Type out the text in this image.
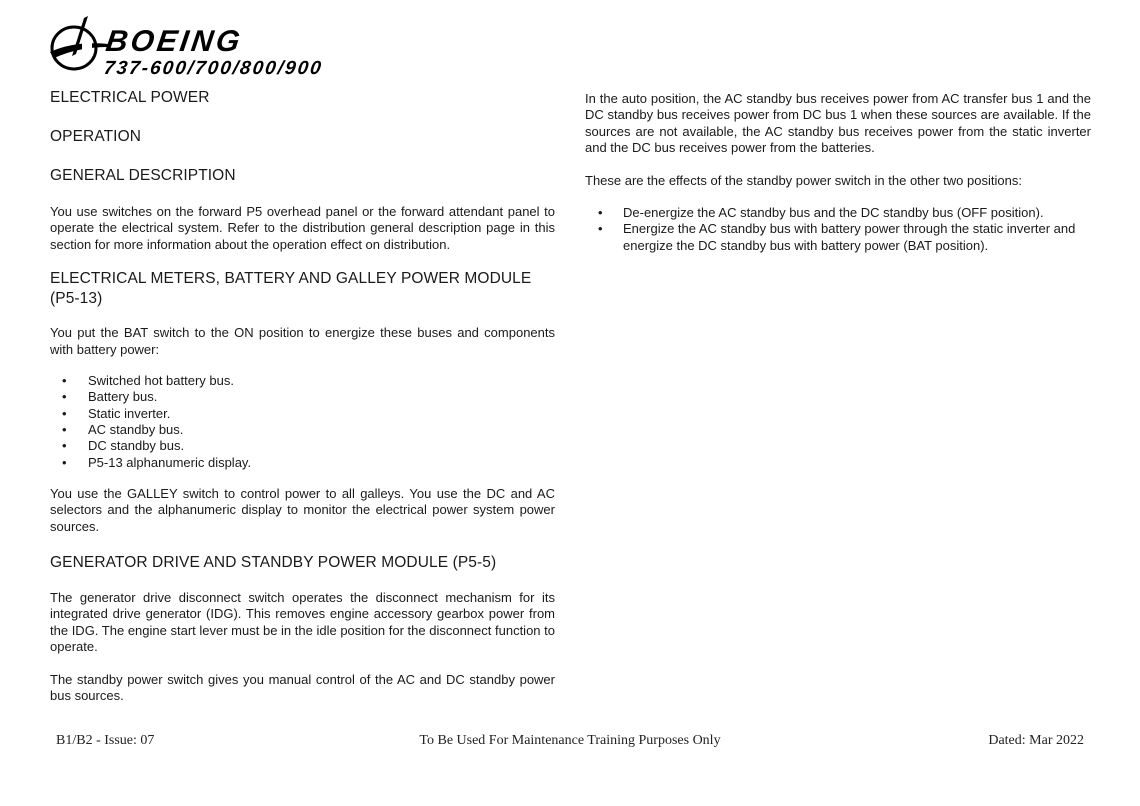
BOEING
737-600/700/800/900
ELECTRICAL POWER
OPERATION
GENERAL DESCRIPTION

You use switches on the forward P5 overhead panel or the forward attendant panel to operate the electrical system. Refer to the distribution general description page in this section for more information about the operation effect on distribution.

ELECTRICAL METERS, BATTERY AND GALLEY POWER MODULE (P5-13)

You put the BAT switch to the ON position to energize these buses and components with battery power:

• Switched hot battery bus.
• Battery bus.
• Static inverter.
• AC standby bus.
• DC standby bus.
• P5-13 alphanumeric display.

You use the GALLEY switch to control power to all galleys. You use the DC and AC selectors and the alphanumeric display to monitor the electrical power system power sources.

GENERATOR DRIVE AND STANDBY POWER MODULE (P5-5)

The generator drive disconnect switch operates the disconnect mechanism for its integrated drive generator (IDG). This removes engine accessory gearbox power from the IDG. The engine start lever must be in the idle position for the disconnect function to operate.

The standby power switch gives you manual control of the AC and DC standby power bus sources.

In the auto position, the AC standby bus receives power from AC transfer bus 1 and the DC standby bus receives power from DC bus 1 when these sources are available. If the sources are not available, the AC standby bus receives power from the static inverter and the DC bus receives power from the batteries.

These are the effects of the standby power switch in the other two positions:

• De-energize the AC standby bus and the DC standby bus (OFF position).
• Energize the AC standby bus with battery power through the static inverter and energize the DC standby bus with battery power (BAT position).
B1/B2 - Issue: 07	To Be Used For Maintenance Training Purposes Only	Dated: Mar 2022
